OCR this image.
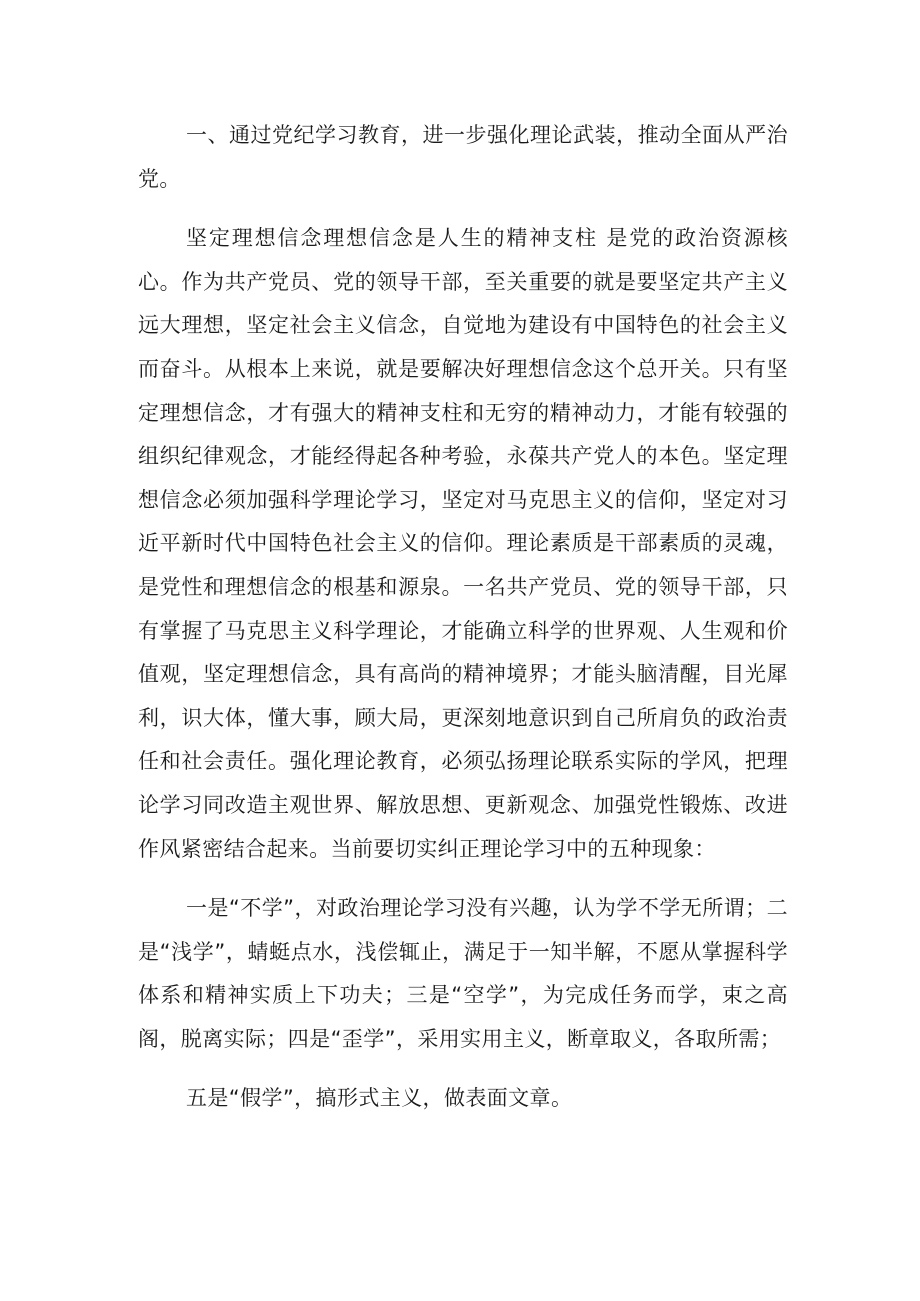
一、通过党纪学习教育，进一步强化理论武装，推动全面从严治党。

坚定理想信念理想信念是人生的精神支柱 是党的政治资源核心。作为共产党员、党的领导干部，至关重要的就是要坚定共产主义远大理想，坚定社会主义信念，自觉地为建设有中国特色的社会主义而奋斗。从根本上来说，就是要解决好理想信念这个总开关。只有坚定理想信念，才有强大的精神支柱和无穷的精神动力，才能有较强的组织纪律观念，才能经得起各种考验，永葆共产党人的本色。坚定理想信念必须加强科学理论学习，坚定对马克思主义的信仰，坚定对习近平新时代中国特色社会主义的信仰。理论素质是干部素质的灵魂，是党性和理想信念的根基和源泉。一名共产党员、党的领导干部，只有掌握了马克思主义科学理论，才能确立科学的世界观、人生观和价值观，坚定理想信念，具有高尚的精神境界；才能头脑清醒，目光犀利，识大体，懂大事，顾大局，更深刻地意识到自己所肩负的政治责任和社会责任。强化理论教育，必须弘扬理论联系实际的学风，把理论学习同改造主观世界、解放思想、更新观念、加强党性锻炼、改进作风紧密结合起来。当前要切实纠正理论学习中的五种现象：

一是“不学”，对政治理论学习没有兴趣，认为学不学无所谓；二是“浅学”，蜻蜓点水，浅偿辄止，满足于一知半解，不愿从掌握科学体系和精神实质上下功夫；三是“空学”，为完成任务而学，束之高阁，脱离实际；四是“歪学”，采用实用主义，断章取义，各取所需；

五是“假学”，搞形式主义，做表面文章。
